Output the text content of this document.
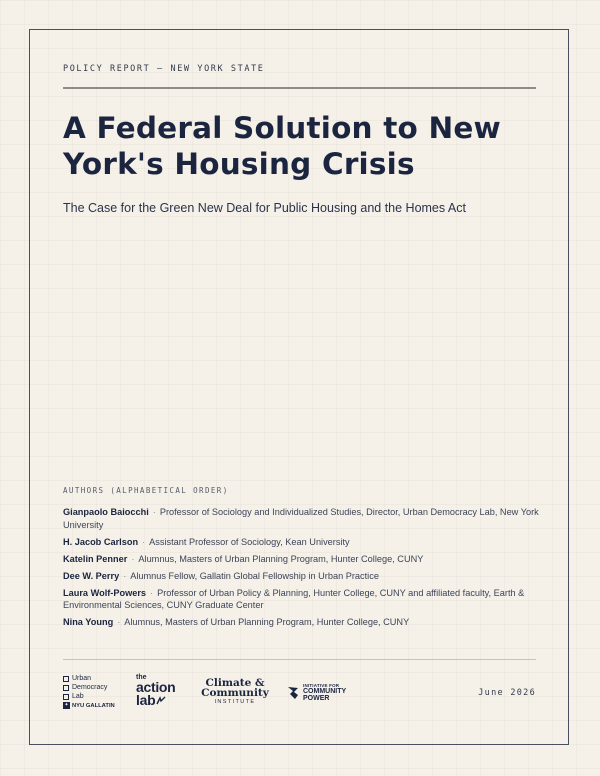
POLICY REPORT — NEW YORK STATE
A Federal Solution to New York's Housing Crisis
The Case for the Green New Deal for Public Housing and the Homes Act
AUTHORS (ALPHABETICAL ORDER)
Gianpaolo Baiocchi · Professor of Sociology and Individualized Studies, Director, Urban Democracy Lab, New York University
H. Jacob Carlson · Assistant Professor of Sociology, Kean University
Katelin Penner · Alumnus, Masters of Urban Planning Program, Hunter College, CUNY
Dee W. Perry · Alumnus Fellow, Gallatin Global Fellowship in Urban Practice
Laura Wolf-Powers · Professor of Urban Policy & Planning, Hunter College, CUNY and affiliated faculty, Earth & Environmental Sciences, CUNY Graduate Center
Nina Young · Alumnus, Masters of Urban Planning Program, Hunter College, CUNY
Urban
Democracy
Lab
✦ NYU
GALLATIN
the
action
lab
Climate &
Community
INSTITUTE
INITIATIVE FOR
COMMUNITY
POWER
June 2026
